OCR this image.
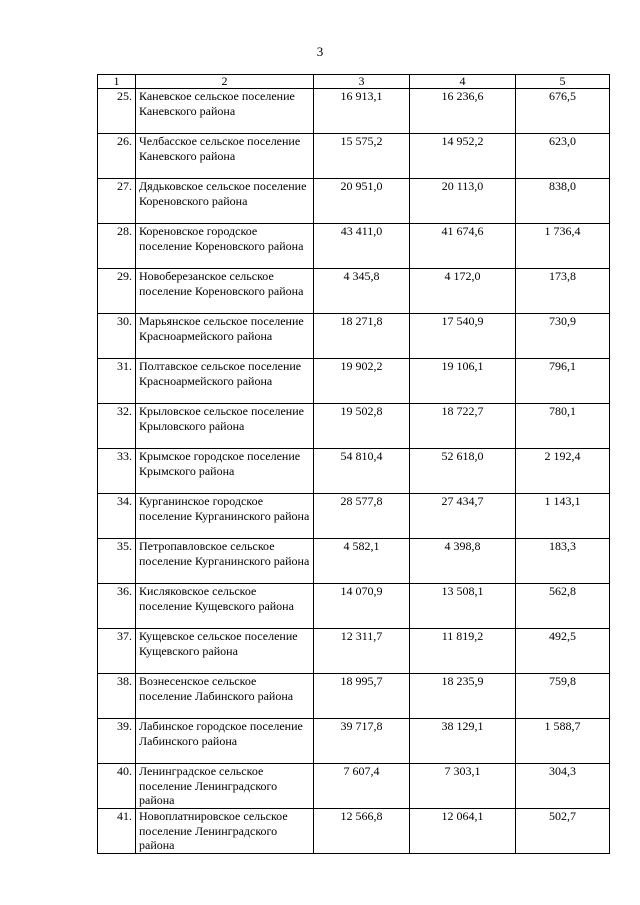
3
1	2	3	4	5
25.	Каневское сельское поселение Каневского района	16 913,1	16 236,6	676,5
26.	Челбасское сельское поселение Каневского района	15 575,2	14 952,2	623,0
27.	Дядьковское сельское поселение Кореновского района	20 951,0	20 113,0	838,0
28.	Кореновское городское поселение Кореновского района	43 411,0	41 674,6	1 736,4
29.	Новоберезанское сельское поселение Кореновского района	4 345,8	4 172,0	173,8
30.	Марьянское сельское поселение Красноармейского района	18 271,8	17 540,9	730,9
31.	Полтавское сельское поселение Красноармейского района	19 902,2	19 106,1	796,1
32.	Крыловское сельское поселение Крыловского района	19 502,8	18 722,7	780,1
33.	Крымское городское поселение Крымского района	54 810,4	52 618,0	2 192,4
34.	Курганинское городское поселение Курганинского района	28 577,8	27 434,7	1 143,1
35.	Петропавловское сельское поселение Курганинского района	4 582,1	4 398,8	183,3
36.	Кисляковское сельское поселение Кущевского района	14 070,9	13 508,1	562,8
37.	Кущевское сельское поселение Кущевского района	12 311,7	11 819,2	492,5
38.	Вознесенское сельское поселение Лабинского района	18 995,7	18 235,9	759,8
39.	Лабинское городское поселение Лабинского района	39 717,8	38 129,1	1 588,7
40.	Ленинградское сельское поселение Ленинградского района	7 607,4	7 303,1	304,3
41.	Новоплатнировское сельское поселение Ленинградского района	12 566,8	12 064,1	502,7
